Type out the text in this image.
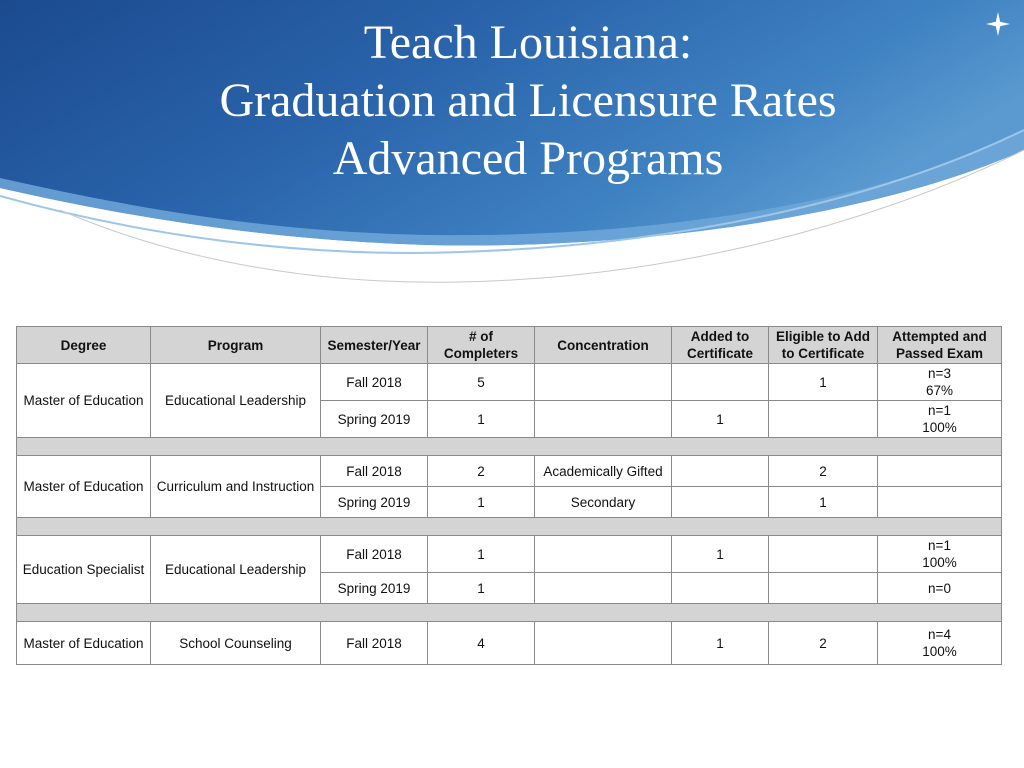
Teach Louisiana:
Graduation and Licensure Rates
Advanced Programs
Degree	Program	Semester/Year	# of Completers	Concentration	Added to Certificate	Eligible to Add to Certificate	Attempted and Passed Exam
Master of Education	Educational Leadership	Fall 2018	5			1	n=3
67%

		Spring 2019	1		1		n=1
100%

Master of Education	Curriculum and Instruction	Fall 2018	2	Academically Gifted		2	
		Spring 2019	1	Secondary		1	

Education Specialist	Educational Leadership	Fall 2018	1		1		n=1
100%

		Spring 2019	1				n=0

Master of Education	School Counseling	Fall 2018	4		1	2	n=4
100%
